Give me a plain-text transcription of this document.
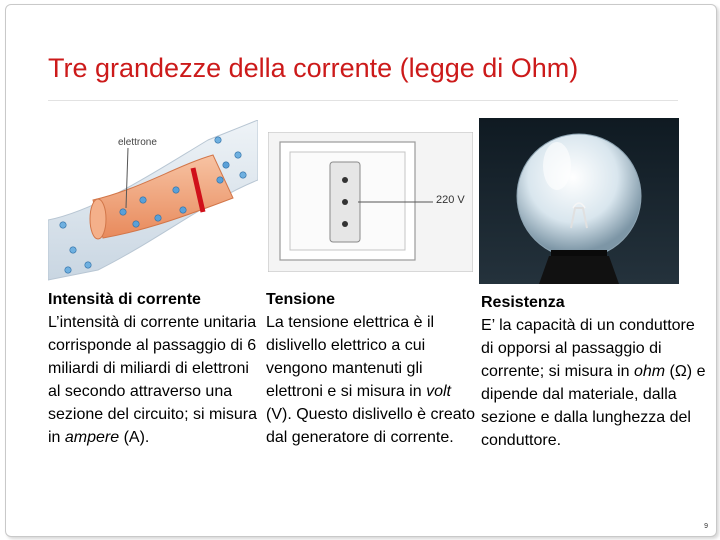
Tre grandezze della corrente (legge di Ohm)
elettrone
220 V
Intensità di corrente

L’intensità di corrente unitaria corrisponde al passaggio di 6 miliardi di miliardi di elettroni al secondo attraverso una sezione del circuito; si misura in ampere (A).

Tensione

La tensione elettrica è il dislivello elettrico a cui vengono mantenuti gli elettroni e si misura in volt (V). Questo dislivello è creato dal generatore di corrente.

Resistenza

E’ la capacità di un conduttore di opporsi al passaggio di corrente; si misura in ohm (Ω) e dipende dal materiale, dalla sezione e dalla lunghezza del conduttore.

9
